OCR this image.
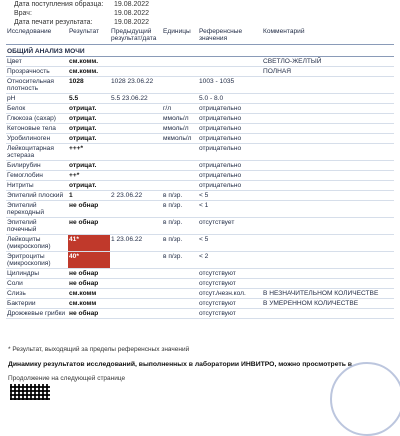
Дата поступления образца:	19.08.2022
Врач:	19.08.2022
Дата печати результата:	19.08.2022
Исследование	Результат	Предыдущий результат/дата	Единицы	Референсные значения	Комментарий
ОБЩИЙ АНАЛИЗ МОЧИ					
Цвет	см.комм.				СВЕТЛО-ЖЕЛТЫЙ
Прозрачность	см.комм.				ПОЛНАЯ
Относительная плотность	1028	1028 23.06.22		1003 - 1035	
pH	5.5	5.5 23.06.22		5.0 - 8.0	
Белок	отрицат.		г/л	отрицательно	
Глюкоза (сахар)	отрицат.		ммоль/л	отрицательно	
Кетоновые тела	отрицат.		ммоль/л	отрицательно	
Уробилиноген	отрицат.		мкмоль/л	отрицательно	
Лейкоцитарная эстераза	+++*			отрицательно	
Билирубин	отрицат.			отрицательно	
Гемоглобин	++*			отрицательно	
Нитриты	отрицат.			отрицательно	
Эпителий плоский	1	2 23.06.22	в п/зр.	< 5	
Эпителий переходный	не обнар		в п/зр.	< 1	
Эпителий почечный	не обнар		в п/зр.	отсутствует	
Лейкоциты (микроскопия)	41*	1 23.06.22	в п/зр.	< 5	
Эритроциты (микроскопия)	40*		в п/зр.	< 2	
Цилиндры	не обнар			отсутствуют	
Соли	не обнар			отсутствуют	
Слизь	см.комм			отсут./незн.кол.	В НЕЗНАЧИТЕЛЬНОМ КОЛИЧЕСТВЕ
Бактерии	см.комм			отсутствуют	В УМЕРЕННОМ КОЛИЧЕСТВЕ
Дрожжевые грибки	не обнар			отсутствуют	
* Результат, выходящий за пределы референсных значений
Динамику результатов исследований, выполненных в лаборатории ИНВИТРО, можно просмотреть в
Продолжение на следующей странице
